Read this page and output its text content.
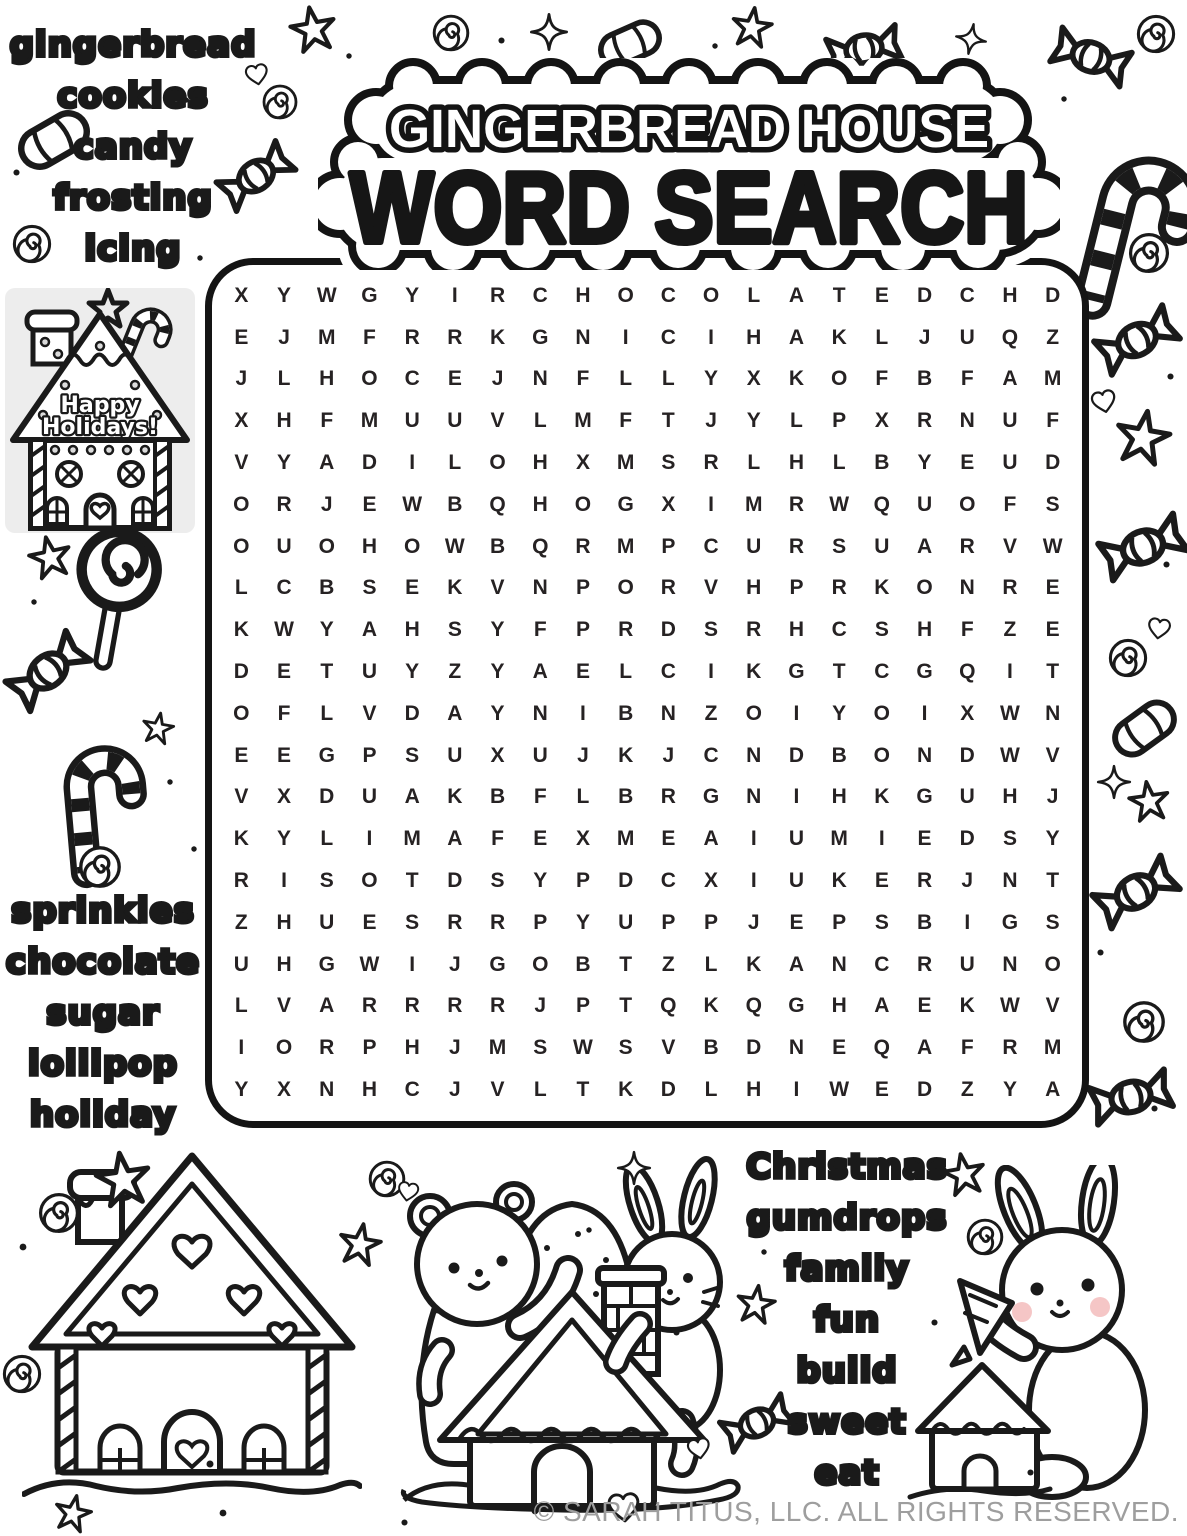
X	Y	W	G	Y	I	R	C	H	O	C	O	L	A	T	E	D	C	H	D
E	J	M	F	R	R	K	G	N	I	C	I	H	A	K	L	J	U	Q	Z
J	L	H	O	C	E	J	N	F	L	L	Y	X	K	O	F	B	F	A	M
X	H	F	M	U	U	V	L	M	F	T	J	Y	L	P	X	R	N	U	F
V	Y	A	D	I	L	O	H	X	M	S	R	L	H	L	B	Y	E	U	D
O	R	J	E	W	B	Q	H	O	G	X	I	M	R	W	Q	U	O	F	S
O	U	O	H	O	W	B	Q	R	M	P	C	U	R	S	U	A	R	V	W
L	C	B	S	E	K	V	N	P	O	R	V	H	P	R	K	O	N	R	E
K	W	Y	A	H	S	Y	F	P	R	D	S	R	H	C	S	H	F	Z	E
D	E	T	U	Y	Z	Y	A	E	L	C	I	K	G	T	C	G	Q	I	T
O	F	L	V	D	A	Y	N	I	B	N	Z	O	I	Y	O	I	X	W	N
E	E	G	P	S	U	X	U	J	K	J	C	N	D	B	O	N	D	W	V
V	X	D	U	A	K	B	F	L	B	R	G	N	I	H	K	G	U	H	J
K	Y	L	I	M	A	F	E	X	M	E	A	I	U	M	I	E	D	S	Y
R	I	S	O	T	D	S	Y	P	D	C	X	I	U	K	E	R	J	N	T
Z	H	U	E	S	R	R	P	Y	U	P	P	J	E	P	S	B	I	G	S
U	H	G	W	I	J	G	O	B	T	Z	L	K	A	N	C	R	U	N	O
L	V	A	R	R	R	R	J	P	T	Q	K	Q	G	H	A	E	K	W	V
I	O	R	P	H	J	M	S	W	S	V	B	D	N	E	Q	A	F	R	M
Y	X	N	H	C	J	V	L	T	K	D	L	H	I	W	E	D	Z	Y	A
GINGERBREAD HOUSE
WORD SEARCH
gingerbread
cookies
candy
frosting
icing
sprinkles
chocolate
sugar
lollipop
holiday
Christmas
gumdrops
family
fun
build
sweet
eat
Happy
Holidays!
© SARAH TITUS, LLC. ALL RIGHTS RESERVED.
